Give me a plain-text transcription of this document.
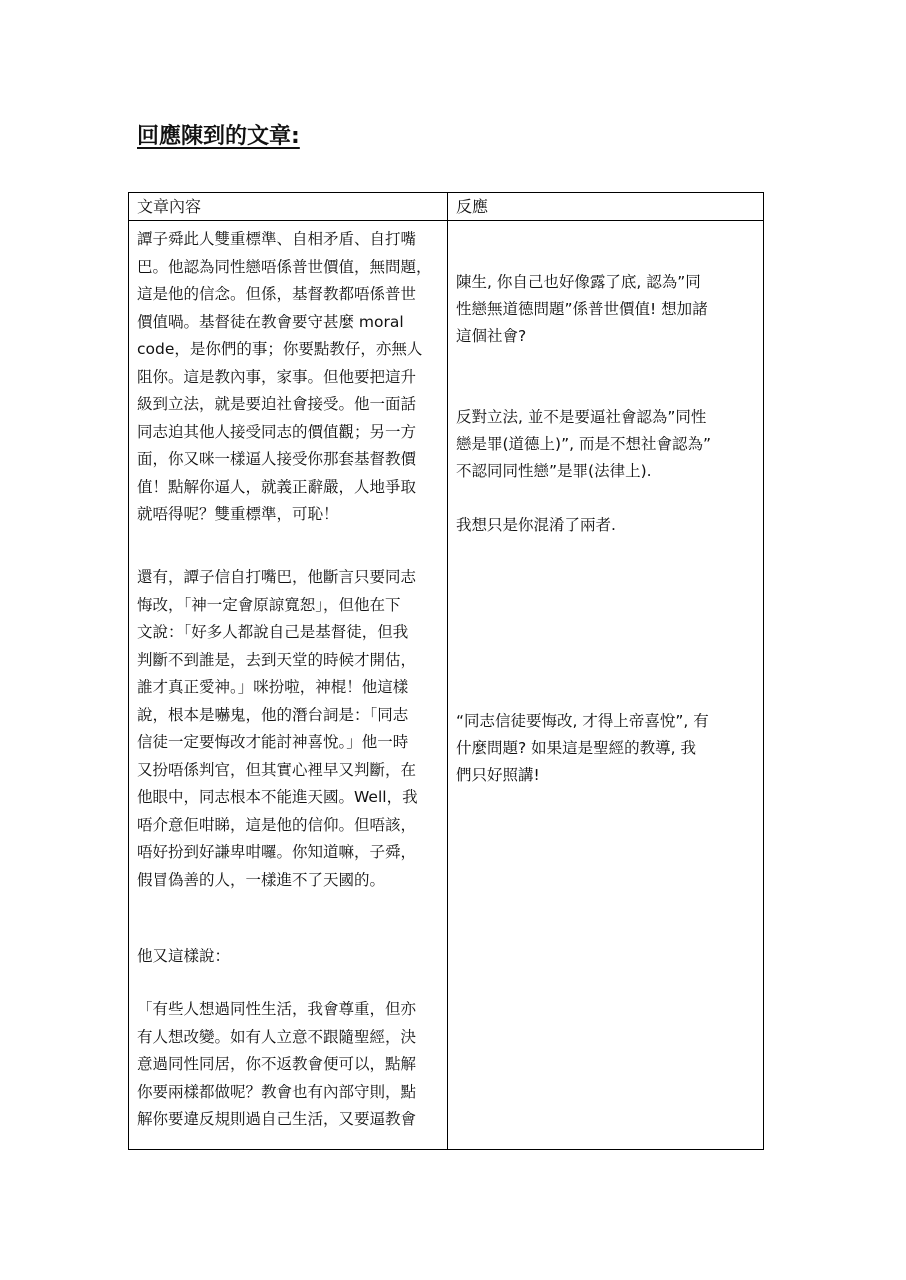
回應陳到的文章:
文章內容	反應
譚子舜此人雙重標準、自相矛盾、自打嘴
巴。他認為同性戀唔係普世價值，無問題，
這是他的信念。但係，基督教都唔係普世
價值喎。基督徒在教會要守甚麼 moral
code，是你們的事；你要點教仔，亦無人
阻你。這是教內事，家事。但他要把這升
級到立法，就是要迫社會接受。他一面話
同志迫其他人接受同志的價值觀；另一方
面，你又咪一樣逼人接受你那套基督教價
值！點解你逼人，就義正辭嚴，人地爭取
就唔得呢？雙重標準，可恥！
還有，譚子信自打嘴巴，他斷言只要同志
悔改，「神一定會原諒寬恕」，但他在下
文說：「好多人都說自己是基督徒，但我
判斷不到誰是，去到天堂的時候才開估，
誰才真正愛神。」咪扮啦，神棍！他這樣
說，根本是嚇鬼，他的潛台詞是：「同志
信徒一定要悔改才能討神喜悅。」他一時
又扮唔係判官，但其實心裡早又判斷，在
他眼中，同志根本不能進天國。Well，我
唔介意佢咁睇，這是他的信仰。但唔該，
唔好扮到好謙卑咁囉。你知道嘛，子舜，
假冒偽善的人，一樣進不了天國的。
他又這樣說：
「有些人想過同性生活，我會尊重，但亦
有人想改變。如有人立意不跟隨聖經，決
意過同性同居，你不返教會便可以，點解
你要兩樣都做呢？教會也有內部守則，點
解你要違反規則過自己生活，又要逼教會
陳生, 你自己也好像露了底, 認為”同
性戀無道德問題”係普世價值! 想加諸
這個社會?
反對立法, 並不是要逼社會認為”同性
戀是罪(道德上)”, 而是不想社會認為”
不認同同性戀”是罪(法律上).
我想只是你混淆了兩者.
“同志信徒要悔改, 才得上帝喜悅”, 有
什麼問題? 如果這是聖經的教導, 我
們只好照講!
